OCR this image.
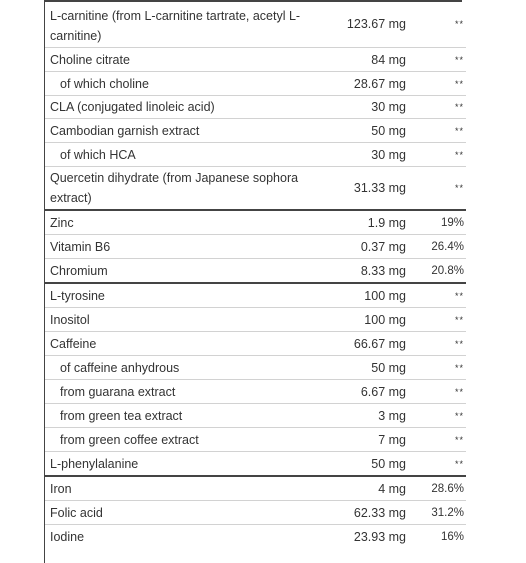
L-carnitine (from L-carnitine tartrate, acetyl L-carnitine)	123.67 mg	**
Choline citrate	84 mg	**
of which choline	28.67 mg	**
CLA (conjugated linoleic acid)	30 mg	**
Cambodian garnish extract	50 mg	**
of which HCA	30 mg	**
Quercetin dihydrate (from Japanese sophora extract)	31.33 mg	**
Zinc	1.9 mg	19%
Vitamin B6	0.37 mg	26.4%
Chromium	8.33 mg	20.8%
L-tyrosine	100 mg	**
Inositol	100 mg	**
Caffeine	66.67 mg	**
of caffeine anhydrous	50 mg	**
from guarana extract	6.67 mg	**
from green tea extract	3 mg	**
from green coffee extract	7 mg	**
L-phenylalanine	50 mg	**
Iron	4 mg	28.6%
Folic acid	62.33 mg	31.2%
Iodine	23.93 mg	16%
